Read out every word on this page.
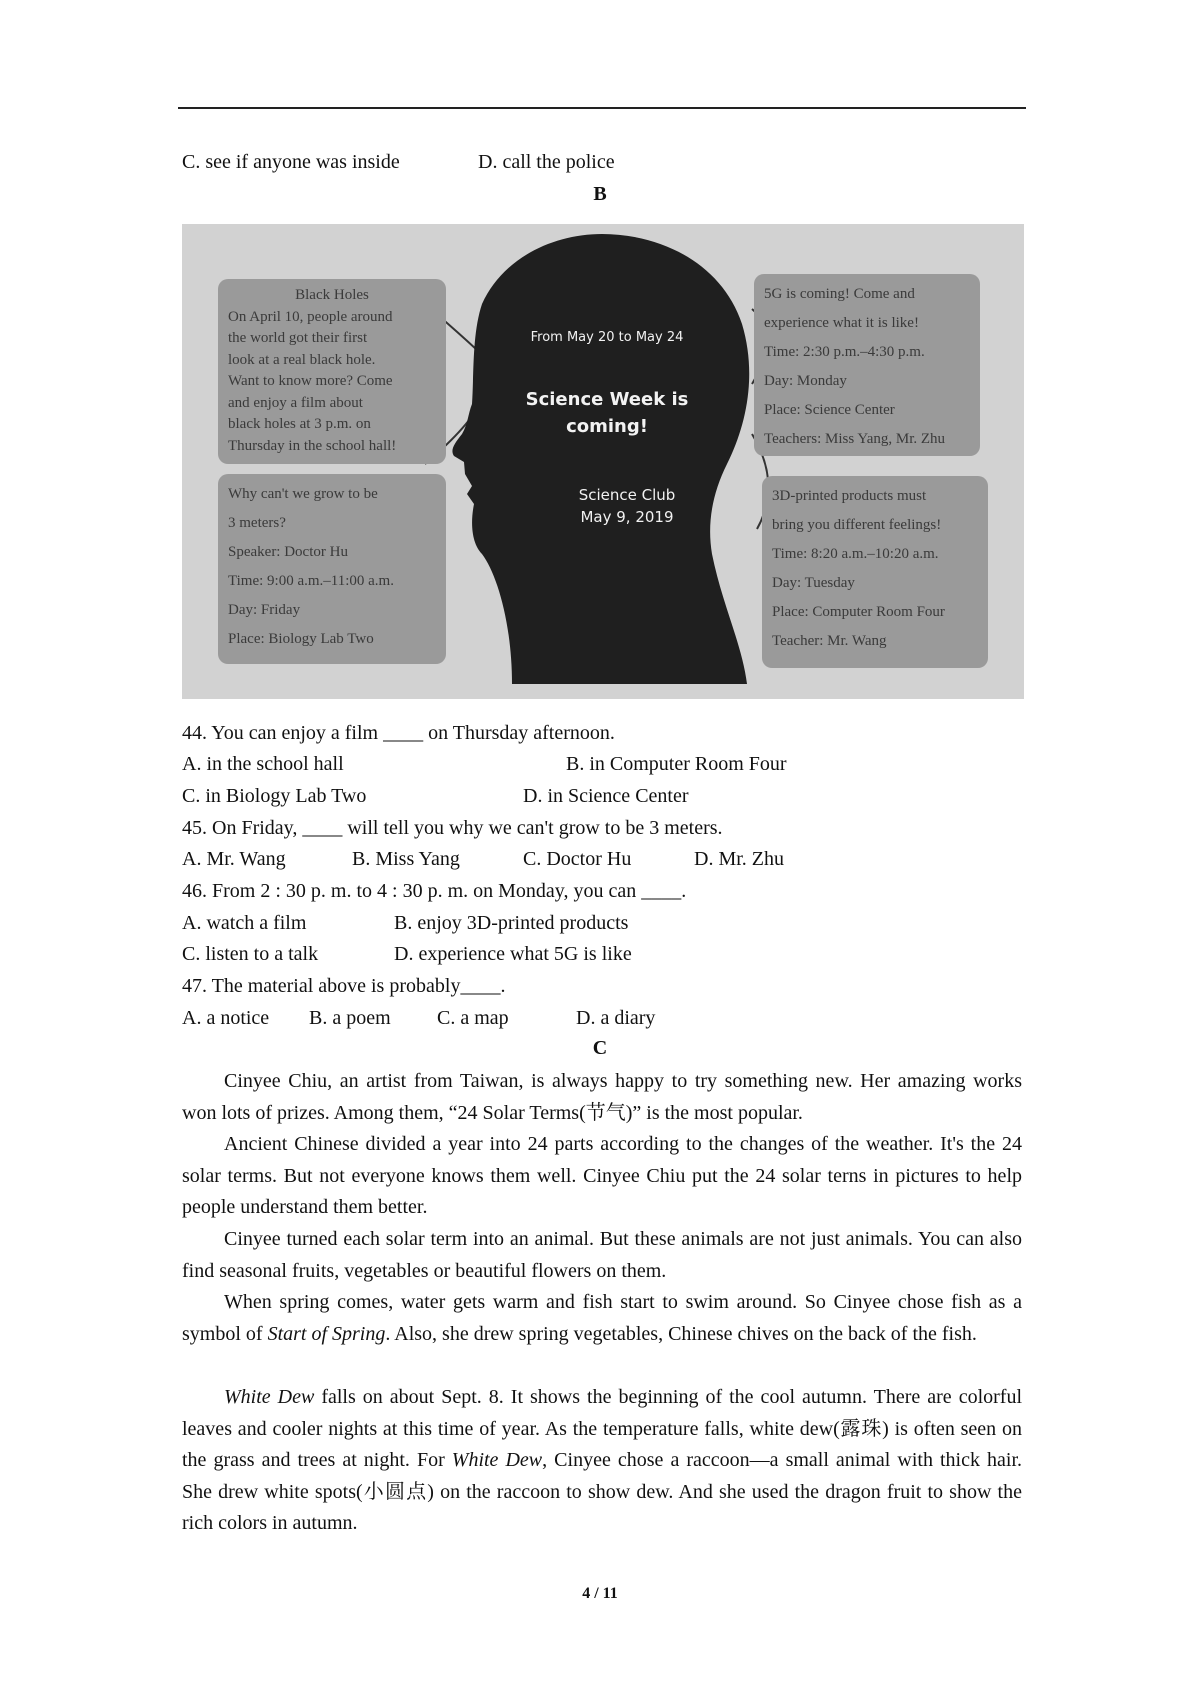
C. see if anyone was inside	D. call the police
B
From May 20 to May 24
Science Week is
coming!
Science Club
May 9, 2019
Black Holes
On April 10, people around
the world got their first
look at a real black hole.
Want to know more? Come
and enjoy a film about
black holes at 3 p.m. on
Thursday in the school hall!
Why can't we grow to be
3 meters?
Speaker: Doctor Hu
Time: 9:00 a.m.–11:00 a.m.
Day: Friday
Place: Biology Lab Two
5G is coming! Come and
experience what it is like!
Time: 2:30 p.m.–4:30 p.m.
Day: Monday
Place: Science Center
Teachers: Miss Yang, Mr. Zhu
3D-printed products must
bring you different feelings!
Time: 8:20 a.m.–10:20 a.m.
Day: Tuesday
Place: Computer Room Four
Teacher: Mr. Wang
44. You can enjoy a film ____ on Thursday afternoon.
A. in the school hall	B. in Computer Room Four
C. in Biology Lab Two	D. in Science Center
45. On Friday, ____ will tell you why we can't grow to be 3 meters.
A. Mr. Wang	B. Miss Yang	C. Doctor Hu	D. Mr. Zhu
46. From 2 : 30 p. m. to 4 : 30 p. m. on Monday, you can ____.
A. watch a film	B. enjoy 3D-printed products
C. listen to a talk	D. experience what 5G is like
47. The material above is probably____.
A. a notice B. a poem C. a map	D. a diary
C
Cinyee Chiu, an artist from Taiwan, is always happy to try something new. Her amazing works won lots of prizes. Among them, “24 Solar Terms(节气)” is the most popular.
Ancient Chinese divided a year into 24 parts according to the changes of the weather. It's the 24 solar terms. But not everyone knows them well. Cinyee Chiu put the 24 solar terns in pictures to help people understand them better.
Cinyee turned each solar term into an animal. But these animals are not just animals. You can also find seasonal fruits, vegetables or beautiful flowers on them.
When spring comes, water gets warm and fish start to swim around. So Cinyee chose fish as a symbol of Start of Spring. Also, she drew spring vegetables, Chinese chives on the back of the fish.
White Dew falls on about Sept. 8. It shows the beginning of the cool autumn. There are colorful leaves and cooler nights at this time of year. As the temperature falls, white dew(露珠) is often seen on the grass and trees at night. For White Dew, Cinyee chose a raccoon—a small animal with thick hair. She drew white spots(小圆点) on the raccoon to show dew. And she used the dragon fruit to show the rich colors in autumn.
4 / 11
